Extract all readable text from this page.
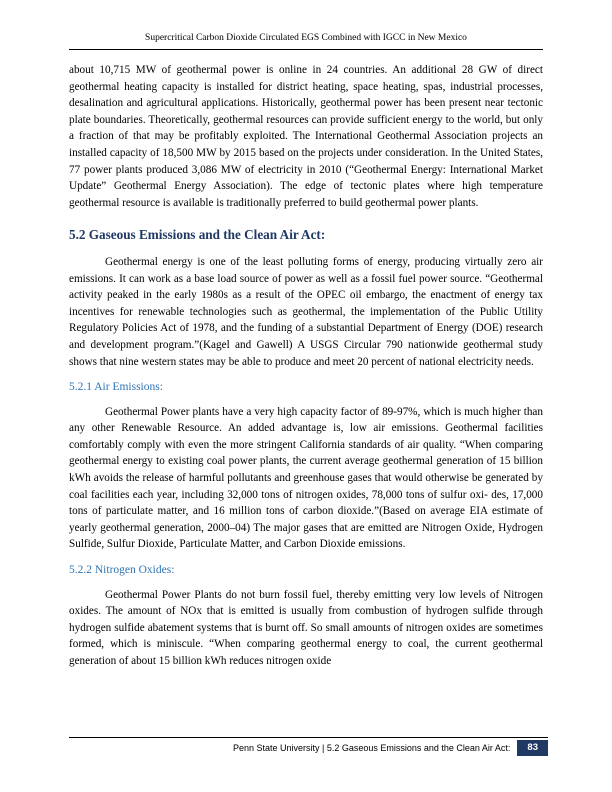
Supercritical Carbon Dioxide Circulated EGS Combined with IGCC in New Mexico

about 10,715 MW of geothermal power is online in 24 countries. An additional 28 GW of direct geothermal heating capacity is installed for district heating, space heating, spas, industrial processes, desalination and agricultural applications. Historically, geothermal power has been present near tectonic plate boundaries. Theoretically, geothermal resources can provide sufficient energy to the world, but only a fraction of that may be profitably exploited. The International Geothermal Association projects an installed capacity of 18,500 MW by 2015 based on the projects under consideration. In the United States, 77 power plants produced 3,086 MW of electricity in 2010 (“Geothermal Energy: International Market Update” Geothermal Energy Association). The edge of tectonic plates where high temperature geothermal resource is available is traditionally preferred to build geothermal power plants.

5.2 Gaseous Emissions and the Clean Air Act:

Geothermal energy is one of the least polluting forms of energy, producing virtually zero air emissions. It can work as a base load source of power as well as a fossil fuel power source. “Geothermal activity peaked in the early 1980s as a result of the OPEC oil embargo, the enactment of energy tax incentives for renewable technologies such as geothermal, the implementation of the Public Utility Regulatory Policies Act of 1978, and the funding of a substantial Department of Energy (DOE) research and development program.”(Kagel and Gawell) A USGS Circular 790 nationwide geothermal study shows that nine western states may be able to produce and meet 20 percent of national electricity needs.

5.2.1 Air Emissions:

Geothermal Power plants have a very high capacity factor of 89-97%, which is much higher than any other Renewable Resource. An added advantage is, low air emissions. Geothermal facilities comfortably comply with even the more stringent California standards of air quality. “When comparing geothermal energy to existing coal power plants, the current average geothermal generation of 15 billion kWh avoids the release of harmful pollutants and greenhouse gases that would otherwise be generated by coal facilities each year, including 32,000 tons of nitrogen oxides, 78,000 tons of sulfur oxi- des, 17,000 tons of particulate matter, and 16 million tons of carbon dioxide.”(Based on average EIA estimate of yearly geothermal generation, 2000–04) The major gases that are emitted are Nitrogen Oxide, Hydrogen Sulfide, Sulfur Dioxide, Particulate Matter, and Carbon Dioxide emissions.

5.2.2 Nitrogen Oxides:

Geothermal Power Plants do not burn fossil fuel, thereby emitting very low levels of Nitrogen oxides. The amount of NOx that is emitted is usually from combustion of hydrogen sulfide through hydrogen sulfide abatement systems that is burnt off. So small amounts of nitrogen oxides are sometimes formed, which is miniscule. “When comparing geothermal energy to coal, the current geothermal generation of about 15 billion kWh reduces nitrogen oxide

Penn State University | 5.2 Gaseous Emissions and the Clean Air Act:	83
